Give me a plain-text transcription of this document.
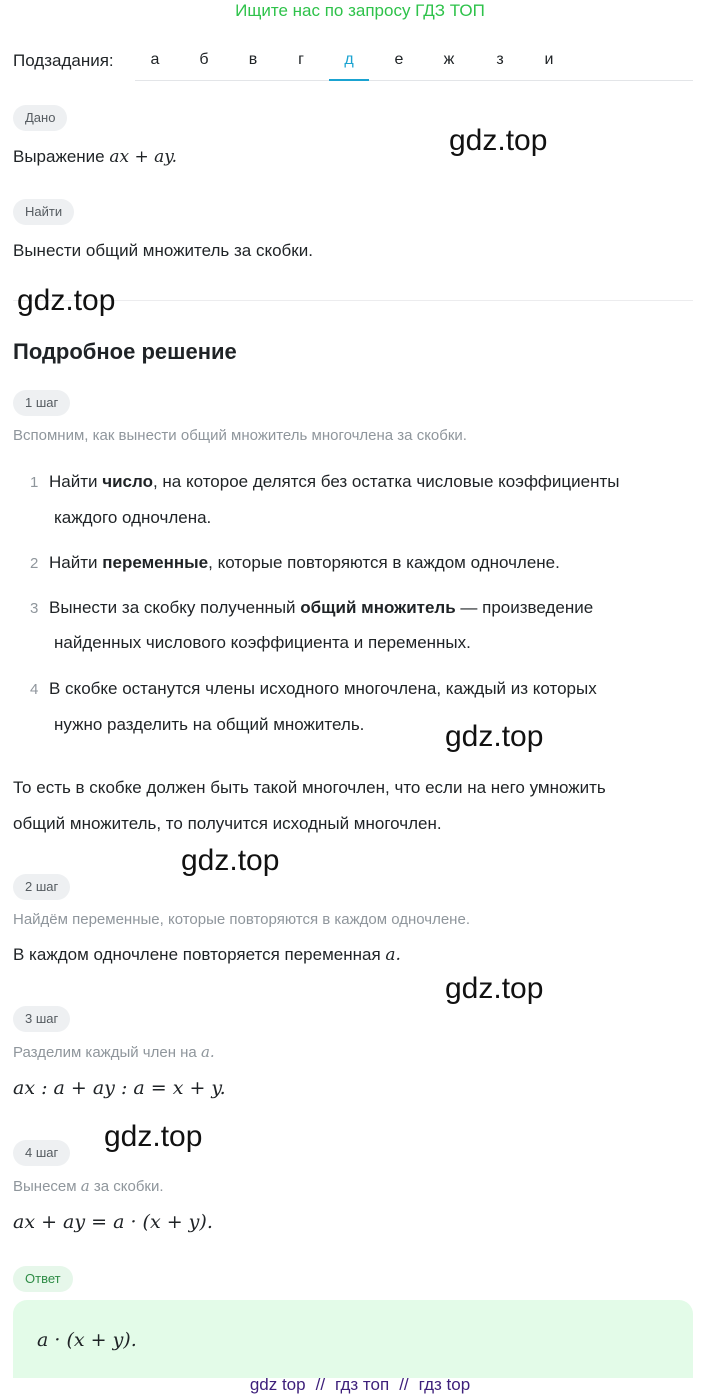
Ищите нас по запросу ГДЗ ТОП
Подзадания:	а	б	в	г	д	е	ж	з	и
Дано
Выражение ax + ay.
Найти
Вынести общий множитель за скобки.
Подробное решение
1 шаг
Вспомним, как вынести общий множитель многочлена за скобки.
1 Найти число, на которое делятся без остатка числовые коэффициенты
каждого одночлена.
2 Найти переменные, которые повторяются в каждом одночлене.
3 Вынести за скобку полученный общий множитель — произведение
найденных числового коэффициента и переменных.
4 В скобке останутся члены исходного многочлена, каждый из которых
нужно разделить на общий множитель.
То есть в скобке должен быть такой многочлен, что если на него умножить
общий множитель, то получится исходный многочлен.
2 шаг
Найдём переменные, которые повторяются в каждом одночлене.
В каждом одночлене повторяется переменная a.
3 шаг
Разделим каждый член на a.
ax : a + ay : a = x + y.
4 шаг
Вынесем a за скобки.
ax + ay = a · (x + y).
Ответ
a · (x + y).
gdz.top
gdz.top
gdz.top
gdz.top
gdz.top
gdz.top
gdz top // гдз топ // гдз top
